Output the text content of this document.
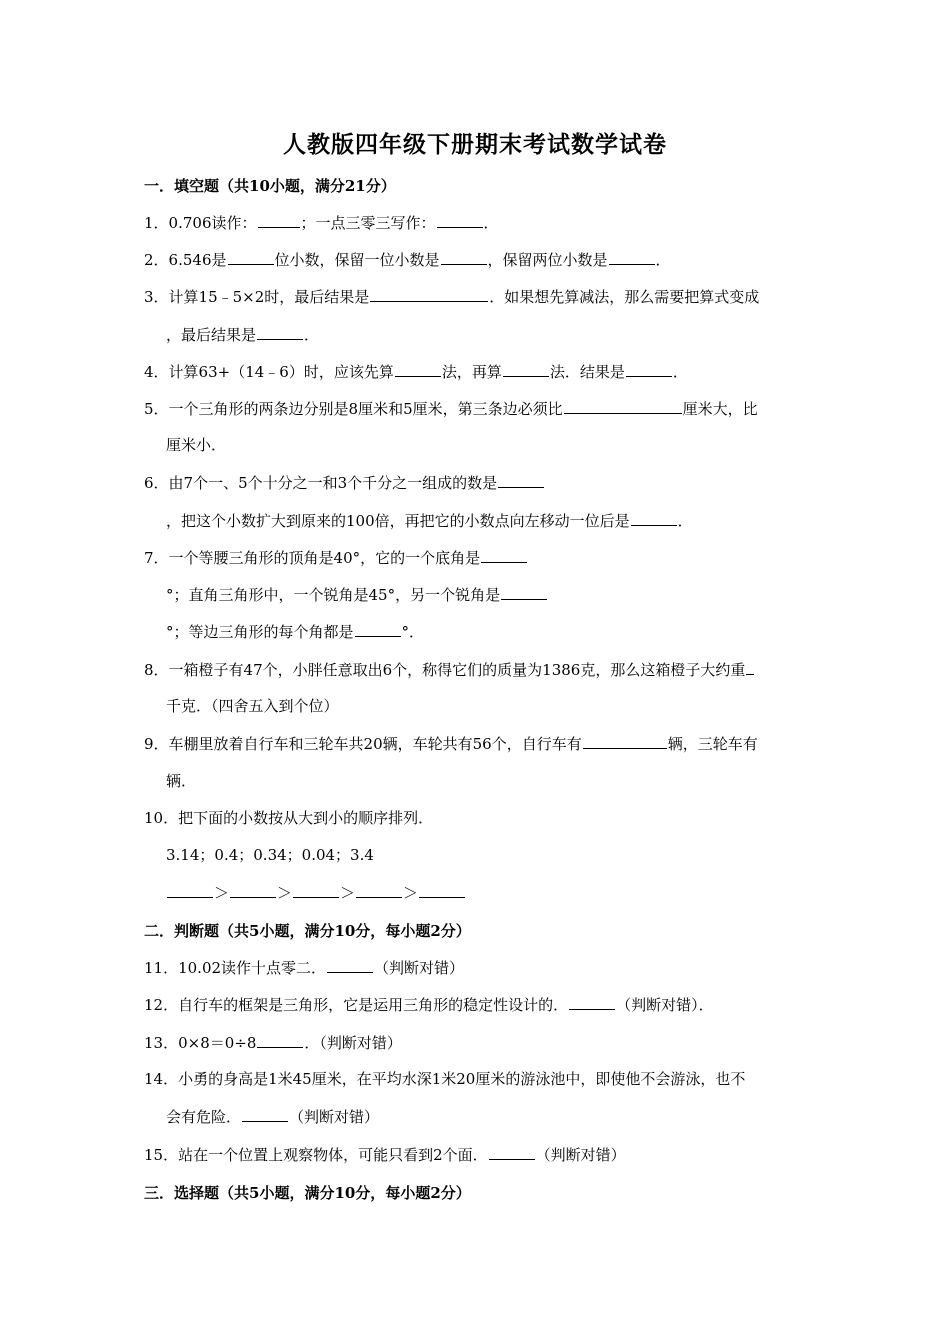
人教版四年级下册期末考试数学试卷
一．填空题（共10小题，满分21分）
1．0.706读作：	；一点三零三写作：	．
2．6.546是	位小数，保留一位小数是	，保留两位小数是	．
3．计算15﹣5×2时，最后结果是	．如果想先算减法，那么需要把算式变成
，最后结果是	．
4．计算63+（14﹣6）时，应该先算	法，再算	法．结果是	．
5．一个三角形的两条边分别是8厘米和5厘米，第三条边必须比	厘米大，比
厘米小．
6．由7个一、5个十分之一和3个千分之一组成的数是
，把这个小数扩大到原来的100倍，再把它的小数点向左移动一位后是	．
7．一个等腰三角形的顶角是40°，它的一个底角是
°；直角三角形中，一个锐角是45°，另一个锐角是
°；等边三角形的每个角都是	°．
8．一箱橙子有47个，小胖任意取出6个，称得它们的质量为1386克，那么这箱橙子大约重
千克．（四舍五入到个位）
9．车棚里放着自行车和三轮车共20辆，车轮共有56个，自行车有	辆，三轮车有
辆．
10．把下面的小数按从大到小的顺序排列．
3.14；0.4；0.34；0.04；3.4
＞	＞	＞	＞
二．判断题（共5小题，满分10分，每小题2分）
11．10.02读作十点零二．	（判断对错）
12．自行车的框架是三角形，它是运用三角形的稳定性设计的．	（判断对错）．
13．0×8＝0÷8	．（判断对错）
14．小勇的身高是1米45厘米，在平均水深1米20厘米的游泳池中，即使他不会游泳，也不
会有危险．	（判断对错）
15．站在一个位置上观察物体，可能只看到2个面．	（判断对错）
三．选择题（共5小题，满分10分，每小题2分）
